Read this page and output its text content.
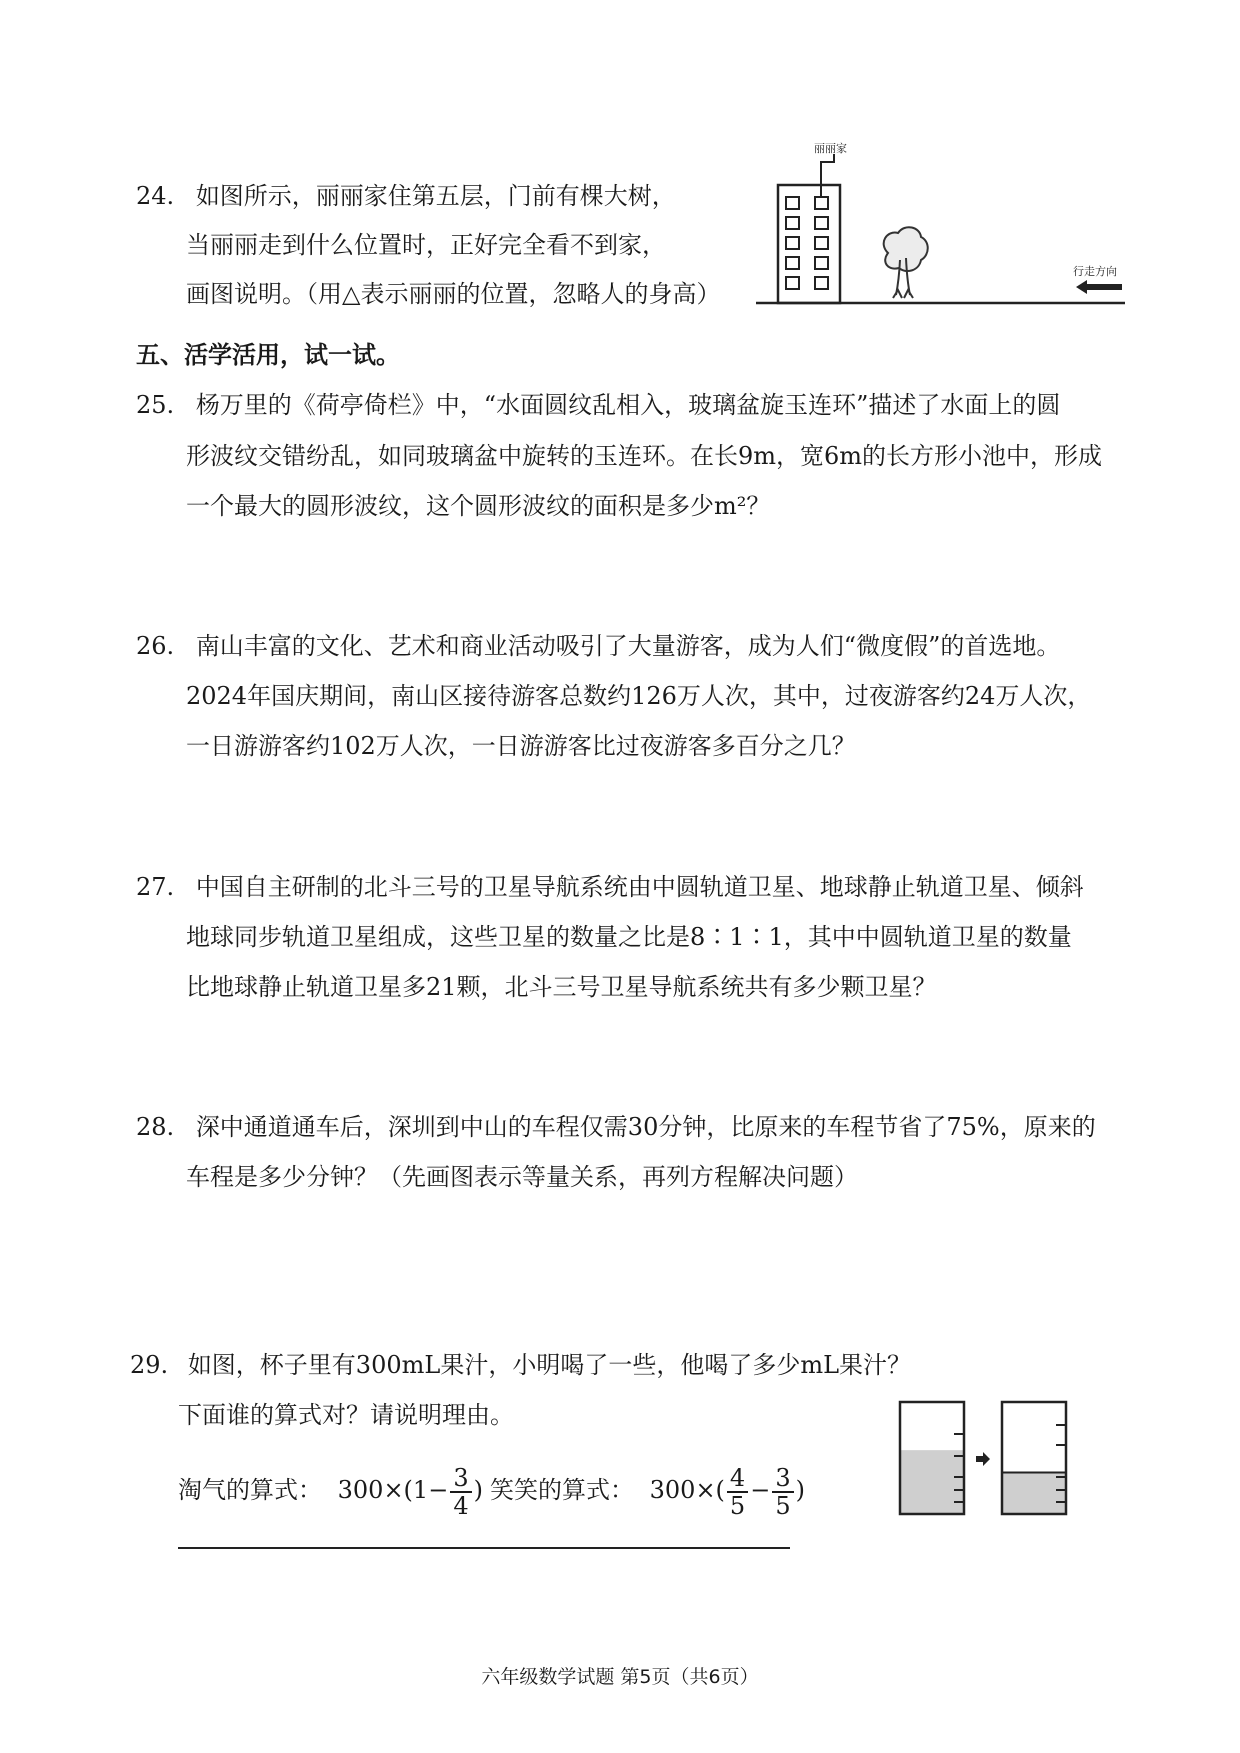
24. 如图所示，丽丽家住第五层，门前有棵大树，
当丽丽走到什么位置时，正好完全看不到家，
画图说明。（用△表示丽丽的位置，忽略人的身高）
丽丽家
行走方向
五、活学活用，试一试。
25. 杨万里的《荷亭倚栏》中，“水面圆纹乱相入，玻璃盆旋玉连环”描述了水面上的圆
形波纹交错纷乱，如同玻璃盆中旋转的玉连环。在长9m，宽6m的长方形小池中，形成
一个最大的圆形波纹，这个圆形波纹的面积是多少m²？
26. 南山丰富的文化、艺术和商业活动吸引了大量游客，成为人们“微度假”的首选地。
2024年国庆期间，南山区接待游客总数约126万人次，其中，过夜游客约24万人次，
一日游游客约102万人次，一日游游客比过夜游客多百分之几？
27. 中国自主研制的北斗三号的卫星导航系统由中圆轨道卫星、地球静止轨道卫星、倾斜
地球同步轨道卫星组成，这些卫星的数量之比是8∶1∶1，其中中圆轨道卫星的数量
比地球静止轨道卫星多21颗，北斗三号卫星导航系统共有多少颗卫星？
28. 深中通道通车后，深圳到中山的车程仅需30分钟，比原来的车程节省了75%，原来的
车程是多少分钟？（先画图表示等量关系，再列方程解决问题）
29. 如图，杯子里有300mL果汁，小明喝了一些，他喝了多少mL果汁？
下面谁的算式对？请说明理由。
淘气的算式： $300\times(1- \frac{3}{4}$ ) 笑笑的算式： $300\times( \frac{4}{5} - \frac{3}{5}$ )
六年级数学试题 第5页（共6页）
